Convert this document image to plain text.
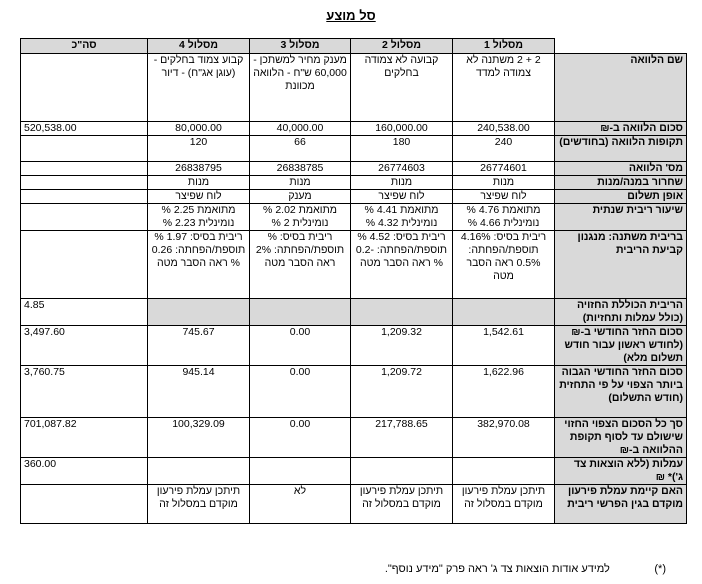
סל מוצע
	מסלול 1	מסלול 2	מסלול 3	מסלול 4	סה"כ
שם הלוואה	2 + 2 משתנה לא צמודה למדד	קבועה לא צמודה בחלקים	מענק מחיר למשתכן - 60,000 ש"ח - הלוואה מכוונת	קבוע צמוד בחלקים - (עוגן אג"ח) - דיור	
סכום הלוואה ב-₪	240,538.00	160,000.00	40,000.00	80,000.00	520,538.00
תקופות הלוואה (בחודשים)	240	180	66	120	
מס' הלוואה	26774601	26774603	26838785	26838795	
שחרור במנה/מנות	מנות	מנות	מנות	מנות	
אופן תשלום	לוח שפיצר	לוח שפיצר	מענק	לוח שפיצר	
שיעור ריבית שנתית	מתואמת 4.76 % נומינלית 4.66 %	מתואמת 4.41 % נומינלית 4.32 %	מתואמת 2.02 % נומינלית 2 %	מתואמת 2.25 % נומינלית 2.23 %	
בריבית משתנה: מנגנון קביעת הריבית	ריבית בסיס: 4.16% תוספת/הפחתה: 0.5% ראה הסבר מטה	ריבית בסיס: 4.52 % תוספת/הפחתה: -0.2 % ראה הסבר מטה	ריבית בסיס: % תוספת/הפחתה: 2% ראה הסבר מטה	ריבית בסיס: 1.97 % תוספת/הפחתה: 0.26 % ראה הסבר מטה	
הריבית הכוללת החזויה (כולל עמלות ותחזיות)					4.85
סכום החזר החודשי ב-₪ (לחודש ראשון עבור חודש תשלום מלא)	1,542.61	1,209.32	0.00	745.67	3,497.60
סכום החזר החודשי הגבוה ביותר הצפוי על פי התחזית (חודש התשלום)	1,622.96	1,209.72	0.00	945.14	3,760.75
סך כל הסכום הצפוי החזוי שישולם עד לסוף תקופת ההלוואה ב-₪	382,970.08	217,788.65	0.00	100,329.09	701,087.82
עמלות (ללא הוצאות צד ג')* ₪					360.00
האם קיימת עמלת פירעון מוקדם בגין הפרשי ריבית	תיתכן עמלת פירעון מוקדם במסלול זה	תיתכן עמלת פירעון מוקדם במסלול זה	לא	תיתכן עמלת פירעון מוקדם במסלול זה	
(*)  למידע אודות הוצאות צד ג' ראה פרק "מידע נוסף".
